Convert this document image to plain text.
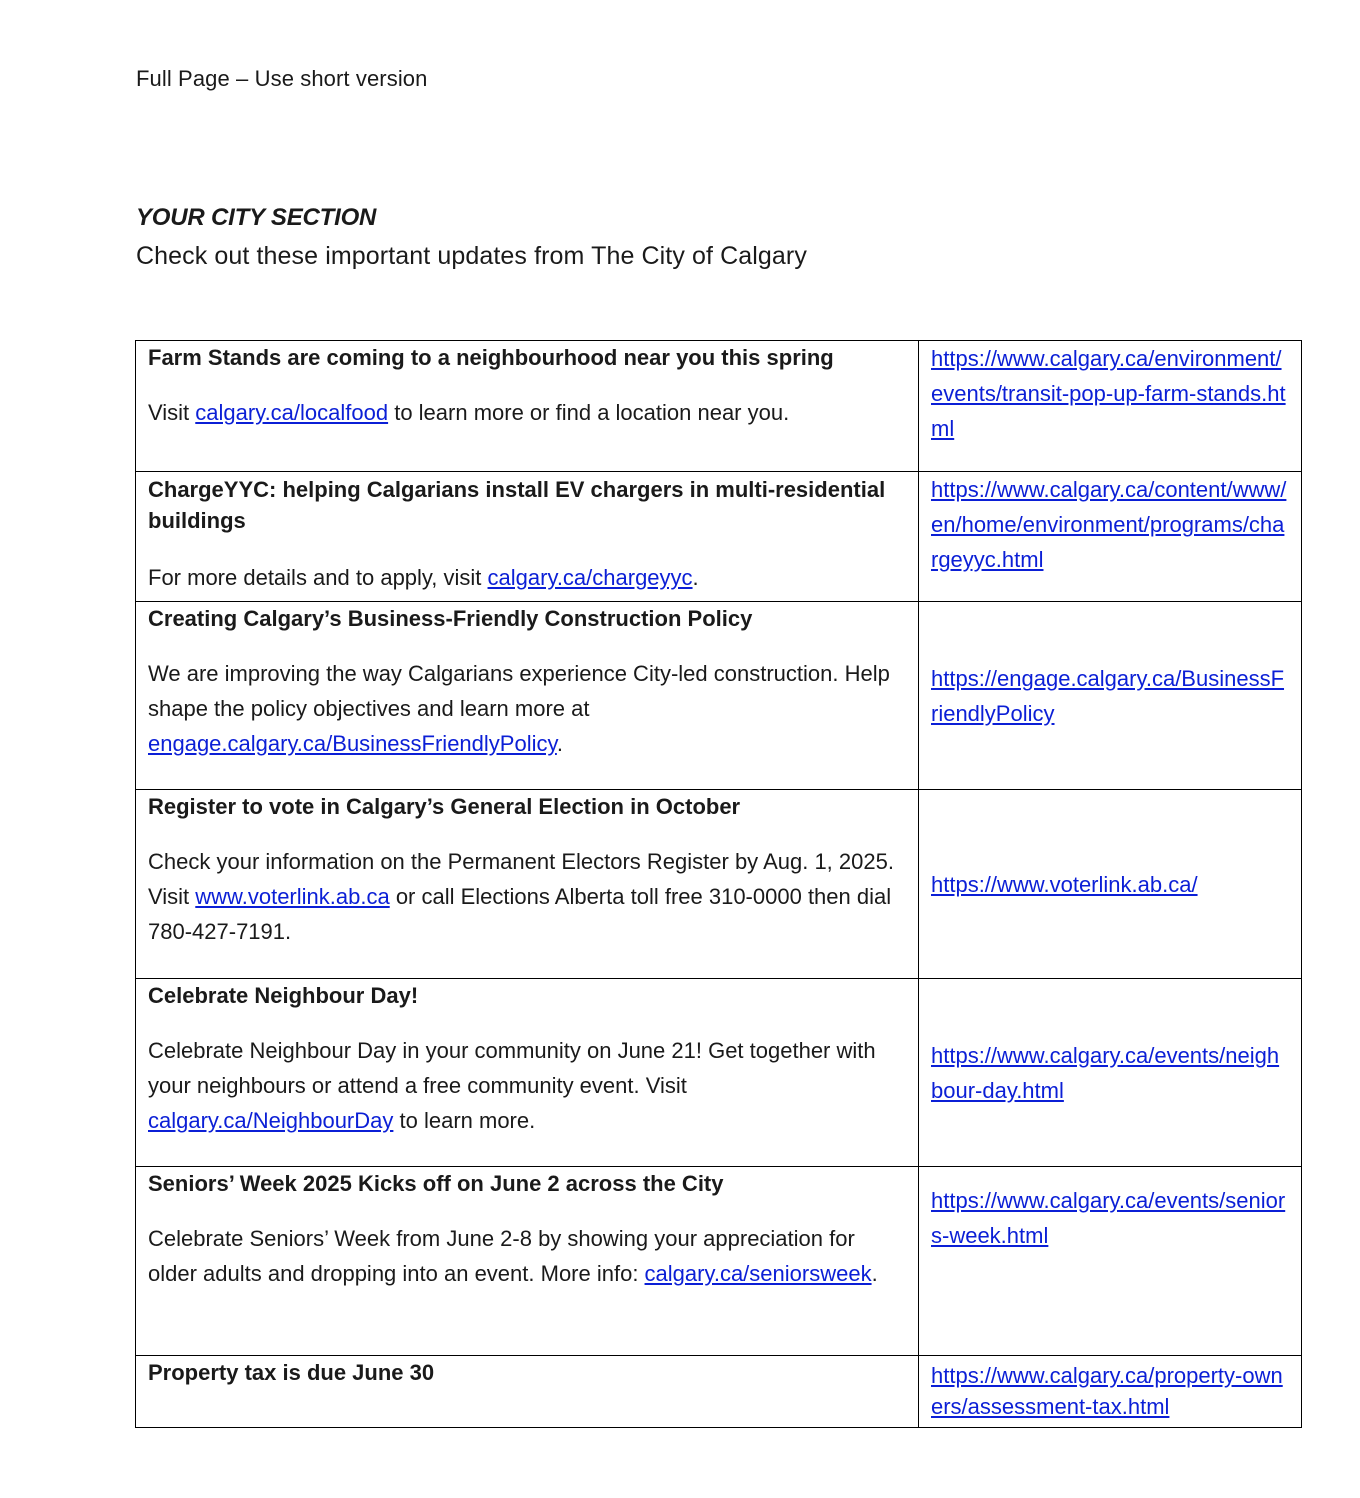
Full Page – Use short version
YOUR CITY SECTION
Check out these important updates from The City of Calgary
Farm Stands are coming to a neighbourhood near you this spring
Visit calgary.ca/localfood to learn more or find a location near you.	https://www.calgary.ca/environment/events/transit-pop-up-farm-stands.html

ChargeYYC: helping Calgarians install EV chargers in multi-residential buildings
For more details and to apply, visit calgary.ca/chargeyyc.	https://www.calgary.ca/content/www/en/home/environment/programs/chargeyyc.html

Creating Calgary’s Business-Friendly Construction Policy
We are improving the way Calgarians experience City-led construction. Help shape the policy objectives and learn more at engage.calgary.ca/BusinessFriendlyPolicy.	https://engage.calgary.ca/BusinessFriendlyPolicy

Register to vote in Calgary’s General Election in October
Check your information on the Permanent Electors Register by Aug. 1, 2025. Visit www.voterlink.ab.ca or call Elections Alberta toll free 310-0000 then dial 780-427-7191.	https://www.voterlink.ab.ca/

Celebrate Neighbour Day!
Celebrate Neighbour Day in your community on June 21! Get together with your neighbours or attend a free community event. Visit calgary.ca/NeighbourDay to learn more.	https://www.calgary.ca/events/neighbour-day.html

Seniors’ Week 2025 Kicks off on June 2 across the City
Celebrate Seniors’ Week from June 2-8 by showing your appreciation for older adults and dropping into an event. More info: calgary.ca/seniorsweek.	https://www.calgary.ca/events/seniors-week.html

Property tax is due June 30	https://www.calgary.ca/property-owners/assessment-tax.html
